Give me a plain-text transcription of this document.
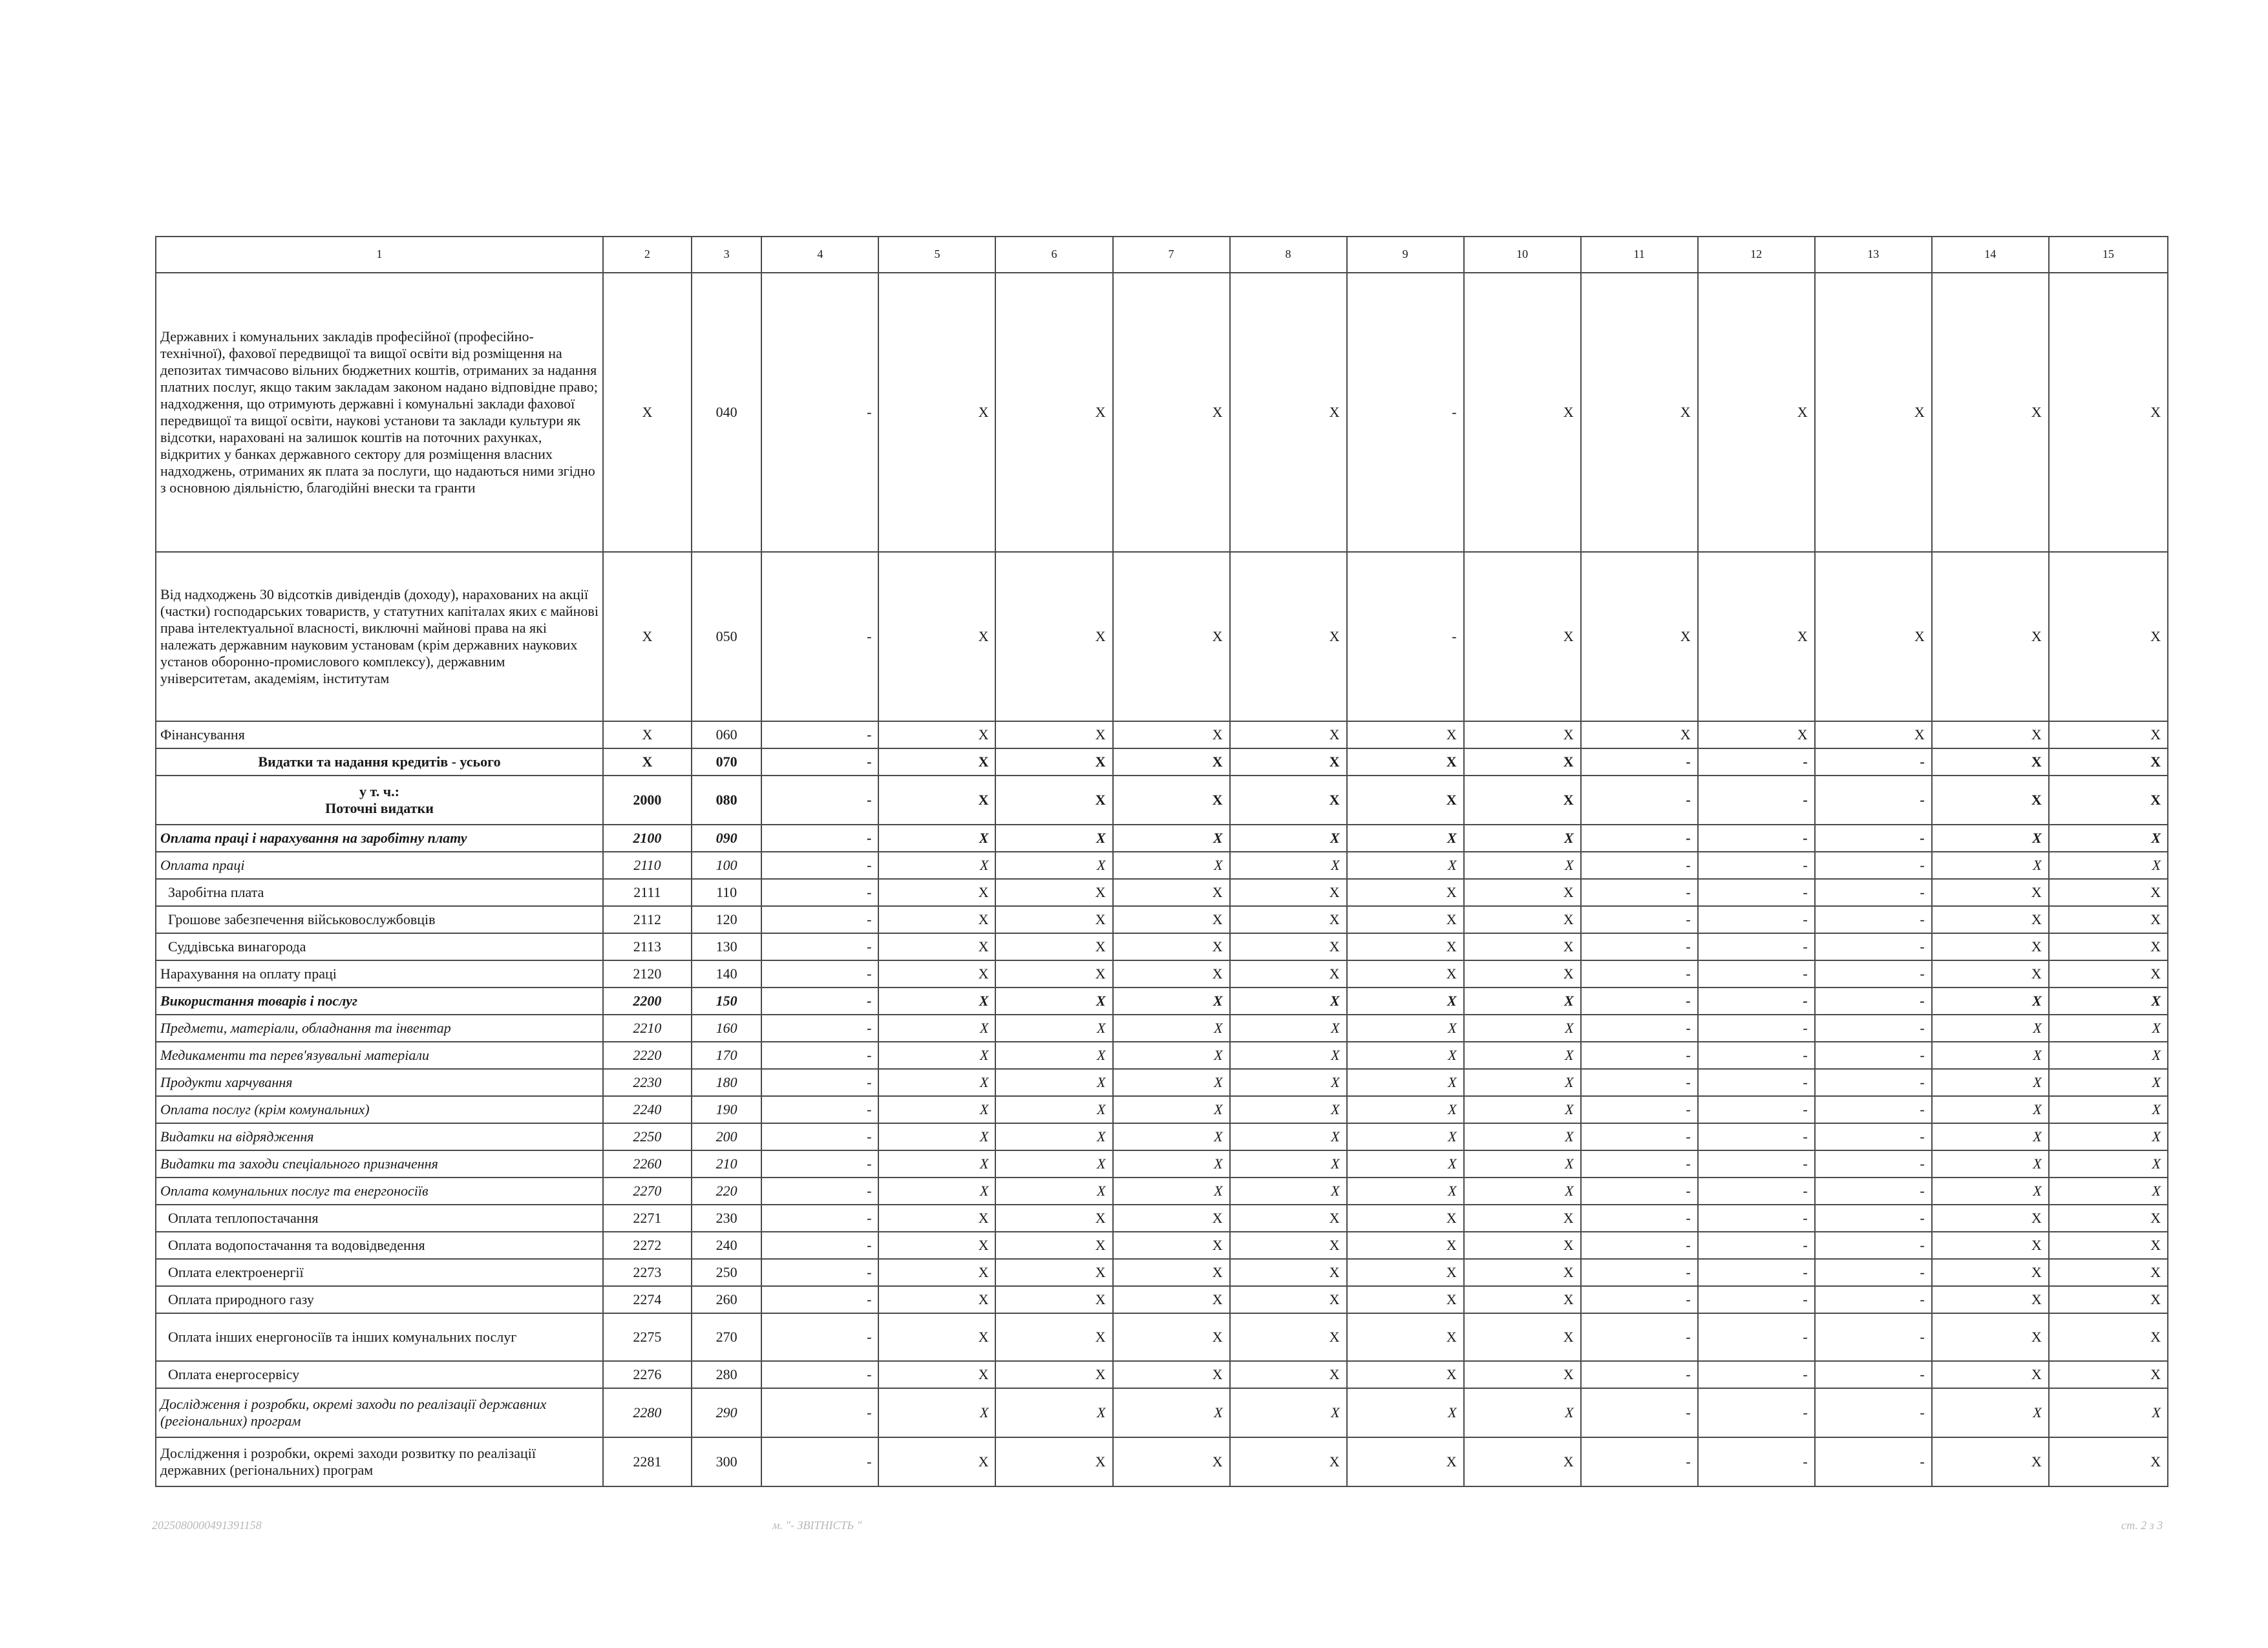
1	2	3	4	5	6	7	8	9	10	11	12	13	14	15
Державних і комунальних закладів професійної (професійно-технічної), фахової передвищої та вищої освіти від розміщення на депозитах тимчасово вільних бюджетних коштів, отриманих за надання платних послуг, якщо таким закладам законом надано відповідне право; надходження, що отримують державні і комунальні заклади фахової передвищої та вищої освіти, наукові установи та заклади культури як відсотки, нараховані на залишок коштів на поточних рахунках, відкритих у банках державного сектору для розміщення власних надходжень, отриманих як плата за послуги, що надаються ними згідно з основною діяльністю, благодійні внески та гранти	X	040	-	X	X	X	X	-	X	X	X	X	X	X
Від надходжень 30 відсотків дивідендів (доходу), нарахованих на акції (частки) господарських товариств, у статутних капіталах яких є майнові права інтелектуальної власності, виключні майнові права на які належать державним науковим установам (крім державних наукових установ оборонно-промислового комплексу), державним університетам, академіям, інститутам	X	050	-	X	X	X	X	-	X	X	X	X	X	X
Фінансування	X	060	-	X	X	X	X	X	X	X	X	X	X	X
Видатки та надання кредитів - усього	X	070	-	X	X	X	X	X	X	-	-	-	X	X
у т. ч.:
Поточні видатки	2000	080	-	X	X	X	X	X	X	-	-	-	X	X
Оплата праці і нарахування на заробітну плату	2100	090	-	X	X	X	X	X	X	-	-	-	X	X
Оплата праці	2110	100	-	X	X	X	X	X	X	-	-	-	X	X
Заробітна плата	2111	110	-	X	X	X	X	X	X	-	-	-	X	X
Грошове забезпечення військовослужбовців	2112	120	-	X	X	X	X	X	X	-	-	-	X	X
Суддівська винагорода	2113	130	-	X	X	X	X	X	X	-	-	-	X	X
Нарахування на оплату праці	2120	140	-	X	X	X	X	X	X	-	-	-	X	X
Використання товарів і послуг	2200	150	-	X	X	X	X	X	X	-	-	-	X	X
Предмети, матеріали, обладнання та інвентар	2210	160	-	X	X	X	X	X	X	-	-	-	X	X
Медикаменти та перев'язувальні матеріали	2220	170	-	X	X	X	X	X	X	-	-	-	X	X
Продукти харчування	2230	180	-	X	X	X	X	X	X	-	-	-	X	X
Оплата послуг (крім комунальних)	2240	190	-	X	X	X	X	X	X	-	-	-	X	X
Видатки на відрядження	2250	200	-	X	X	X	X	X	X	-	-	-	X	X
Видатки та заходи спеціального призначення	2260	210	-	X	X	X	X	X	X	-	-	-	X	X
Оплата комунальних послуг та енергоносіїв	2270	220	-	X	X	X	X	X	X	-	-	-	X	X
Оплата теплопостачання	2271	230	-	X	X	X	X	X	X	-	-	-	X	X
Оплата водопостачання та водовідведення	2272	240	-	X	X	X	X	X	X	-	-	-	X	X
Оплата електроенергії	2273	250	-	X	X	X	X	X	X	-	-	-	X	X
Оплата природного газу	2274	260	-	X	X	X	X	X	X	-	-	-	X	X
Оплата інших енергоносіїв та інших комунальних послуг	2275	270	-	X	X	X	X	X	X	-	-	-	X	X
Оплата енергосервісу	2276	280	-	X	X	X	X	X	X	-	-	-	X	X
Дослідження і розробки, окремі заходи по реалізації державних (регіональних) програм	2280	290	-	X	X	X	X	X	X	-	-	-	X	X
Дослідження і розробки, окремі заходи розвитку по реалізації державних (регіональних) програм	2281	300	-	X	X	X	X	X	X	-	-	-	X	X
2025080000491391158	м. "- ЗВІТНІСТЬ "	ст. 2 з 3
